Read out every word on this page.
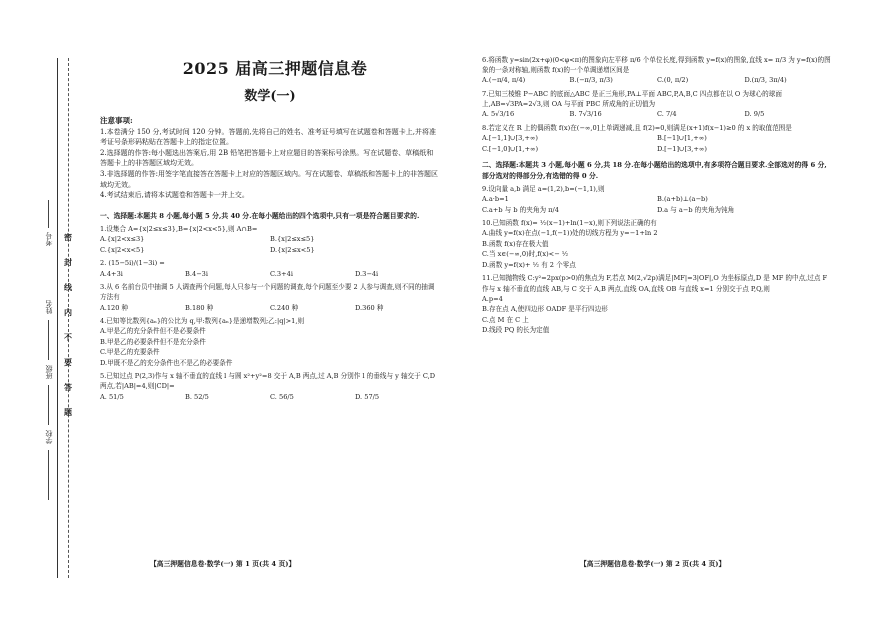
密
封
线
内
不
要
答
题
考号
姓名
班级
学校
2025 届高三押题信息卷
数学(一)
注意事项:
1.本卷满分 150 分,考试时间 120 分钟。答题前,先将自己的姓名、准考证号填写在试题卷和答题卡上,并将准考证号条形码粘贴在答题卡上的指定位置。
2.选择题的作答:每小题选出答案后,用 2B 铅笔把答题卡上对应题目的答案标号涂黑。写在试题卷、草稿纸和答题卡上的非答题区域均无效。
3.非选择题的作答:用签字笔直接答在答题卡上对应的答题区域内。写在试题卷、草稿纸和答题卡上的非答题区域均无效。
4.考试结束后,请将本试题卷和答题卡一并上交。
一、选择题:本题共 8 小题,每小题 5 分,共 40 分.在每小题给出的四个选项中,只有一项是符合题目要求的.
1.设集合 A={x|2≤x≤3},B={x|2<x<5},则 A∩B=
A.{x|2<x≤3}	B.{x|2≤x≤5}
C.{x|2<x<5}	D.{x|2≤x<5}
2. (15−5i)/(1−3i) =
A.4+3i	B.4−3i	C.3+4i	D.3−4i
3.从 6 名前台员中抽调 5 人调查两个问题,每人只参与一个问题的调查,每个问题至少要 2 人参与调查,则不同的抽调方法有
A.120 种	B.180 种	C.240 种	D.360 种
4.已知等比数列{aₙ}的公比为 q,甲:数列{aₙ}是递增数列;乙:|q|>1,则
A.甲是乙的充分条件但不是必要条件
B.甲是乙的必要条件但不是充分条件
C.甲是乙的充要条件
D.甲既不是乙的充分条件也不是乙的必要条件
5.已知过点 P(2,3)作与 x 轴不垂直的直线 l 与圆 x²+y²=8 交于 A,B 两点,过 A,B 分别作 l 的垂线与 y 轴交于 C,D 两点,若|AB|=4,则|CD|=
A. 51/5	B. 52/5	C. 56/5	D. 57/5
6.将函数 y=sin(2x+φ)(0<φ<π)的图象向左平移 π/6 个单位长度,得到函数 y=f(x)的图象,直线 x= π/3 为 y=f(x)的图象的一条对称轴,则函数 f(x)的一个单调递增区间是
A.(−π/4, π/4)	B.(−π/3, π/3)	C.(0, π/2)	D.(π/3, 3π/4)
7.已知三棱锥 P−ABC 的底面△ABC 是正三角形,PA⊥平面 ABC,P,A,B,C 四点都在以 O 为球心的球面上,AB=√3PA=2√3,则 OA 与平面 PBC 所成角的正切值为
A. 5√3/16	B. 7√3/16	C. 7/4	D. 9/5
8.若定义在 R 上的偶函数 f(x)在(−∞,0]上单调递减,且 f(2)=0,则满足(x+1)f(x−1)≥0 的 x 的取值范围是
A.[−1,1]∪[3,+∞)	B.[−1]∪[1,+∞)
C.[−1,0]∪[1,+∞)	D.[−1]∪[3,+∞)
二、选择题:本题共 3 小题,每小题 6 分,共 18 分.在每小题给出的选项中,有多项符合题目要求.全部选对的得 6 分,部分选对的得部分分,有选错的得 0 分.
9.设向量 a,b 满足 a=(1,2),b=(−1,1),则
A.a·b=1	B.(a+b)⊥(a−b)
C.a+b 与 b 的夹角为 π/4	D.a 与 a−b 的夹角为钝角
10.已知函数 f(x)= ½(x−1)+ln(1−x),则下列说法正确的有
A.曲线 y=f(x)在点(−1,f(−1))处的切线方程为 y=−1+ln 2
B.函数 f(x)存在极大值
C.当 x∈(−∞,0)时,f(x)<− ½
D.函数 y=f(x)+ ½ 有 2 个零点
11.已知抛物线 C:y²=2px(p>0)的焦点为 F,若点 M(2,√2p)满足|MF|=3|OF|,O 为坐标原点,D 是 MF 的中点,过点 F 作与 x 轴不垂直的直线 AB,与 C 交于 A,B 两点,直线 OA,直线 OB 与直线 x=1 分别交于点 P,Q,则
A.p=4
B.存在点 A,使四边形 OADF 是平行四边形
C.点 M 在 C 上
D.线段 PQ 的长为定值
【高三押题信息卷·数学(一) 第 1 页(共 4 页)】	【高三押题信息卷·数学(一) 第 2 页(共 4 页)】
